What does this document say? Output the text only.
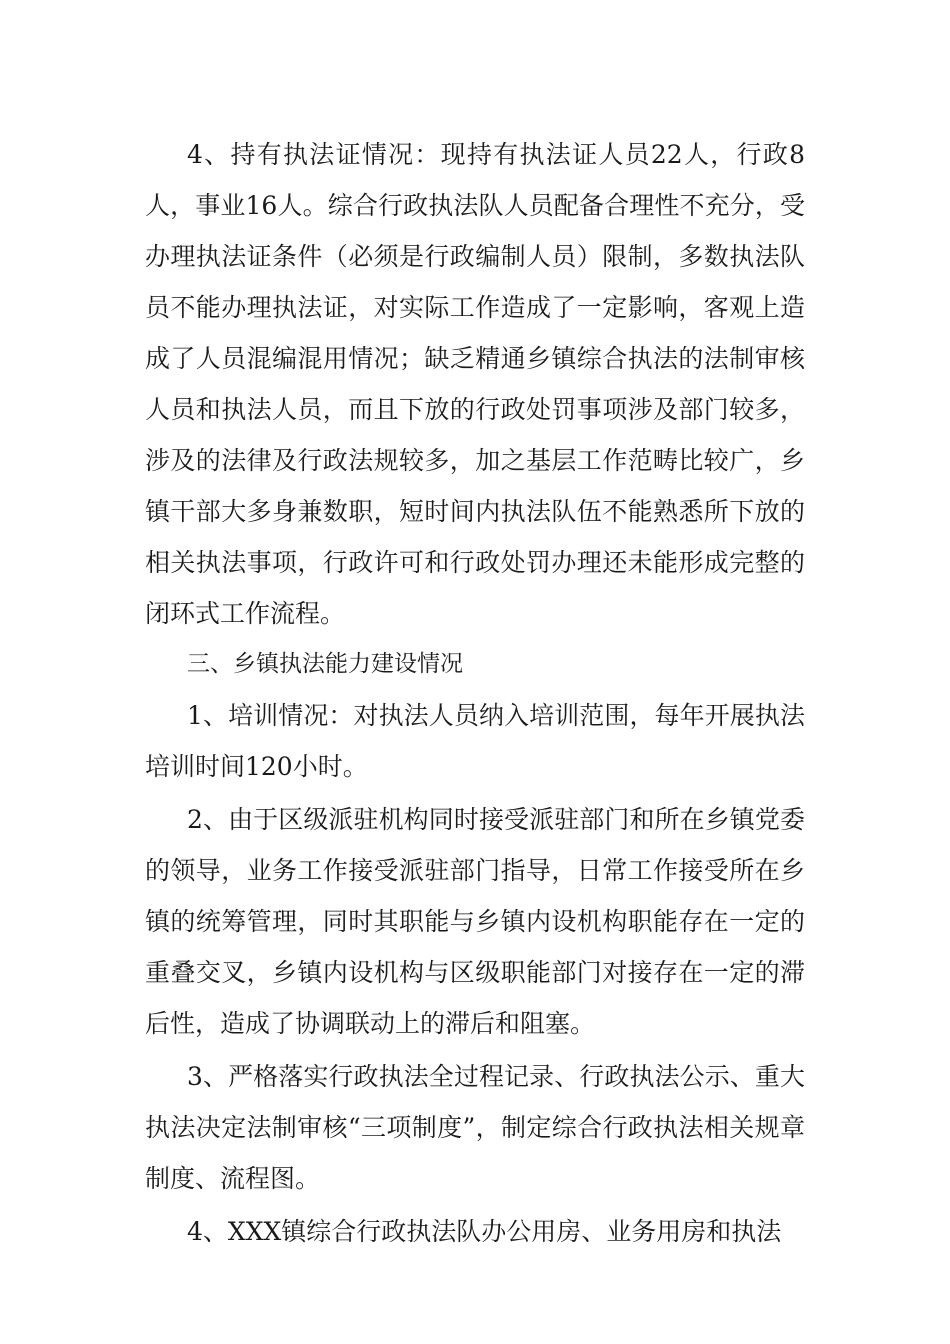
4、持有执法证情况：现持有执法证人员22人，行政8人，事业16人。综合行政执法队人员配备合理性不充分，受办理执法证条件（必须是行政编制人员）限制，多数执法队员不能办理执法证，对实际工作造成了一定影响，客观上造成了人员混编混用情况；缺乏精通乡镇综合执法的法制审核人员和执法人员，而且下放的行政处罚事项涉及部门较多，涉及的法律及行政法规较多，加之基层工作范畴比较广，乡镇干部大多身兼数职，短时间内执法队伍不能熟悉所下放的相关执法事项，行政许可和行政处罚办理还未能形成完整的闭环式工作流程。

三、乡镇执法能力建设情况

1、培训情况：对执法人员纳入培训范围，每年开展执法培训时间120小时。

2、由于区级派驻机构同时接受派驻部门和所在乡镇党委的领导，业务工作接受派驻部门指导，日常工作接受所在乡镇的统筹管理，同时其职能与乡镇内设机构职能存在一定的重叠交叉，乡镇内设机构与区级职能部门对接存在一定的滞后性，造成了协调联动上的滞后和阻塞。

3、严格落实行政执法全过程记录、行政执法公示、重大执法决定法制审核“三项制度”，制定综合行政执法相关规章制度、流程图。

4、XXX镇综合行政执法队办公用房、业务用房和执法
